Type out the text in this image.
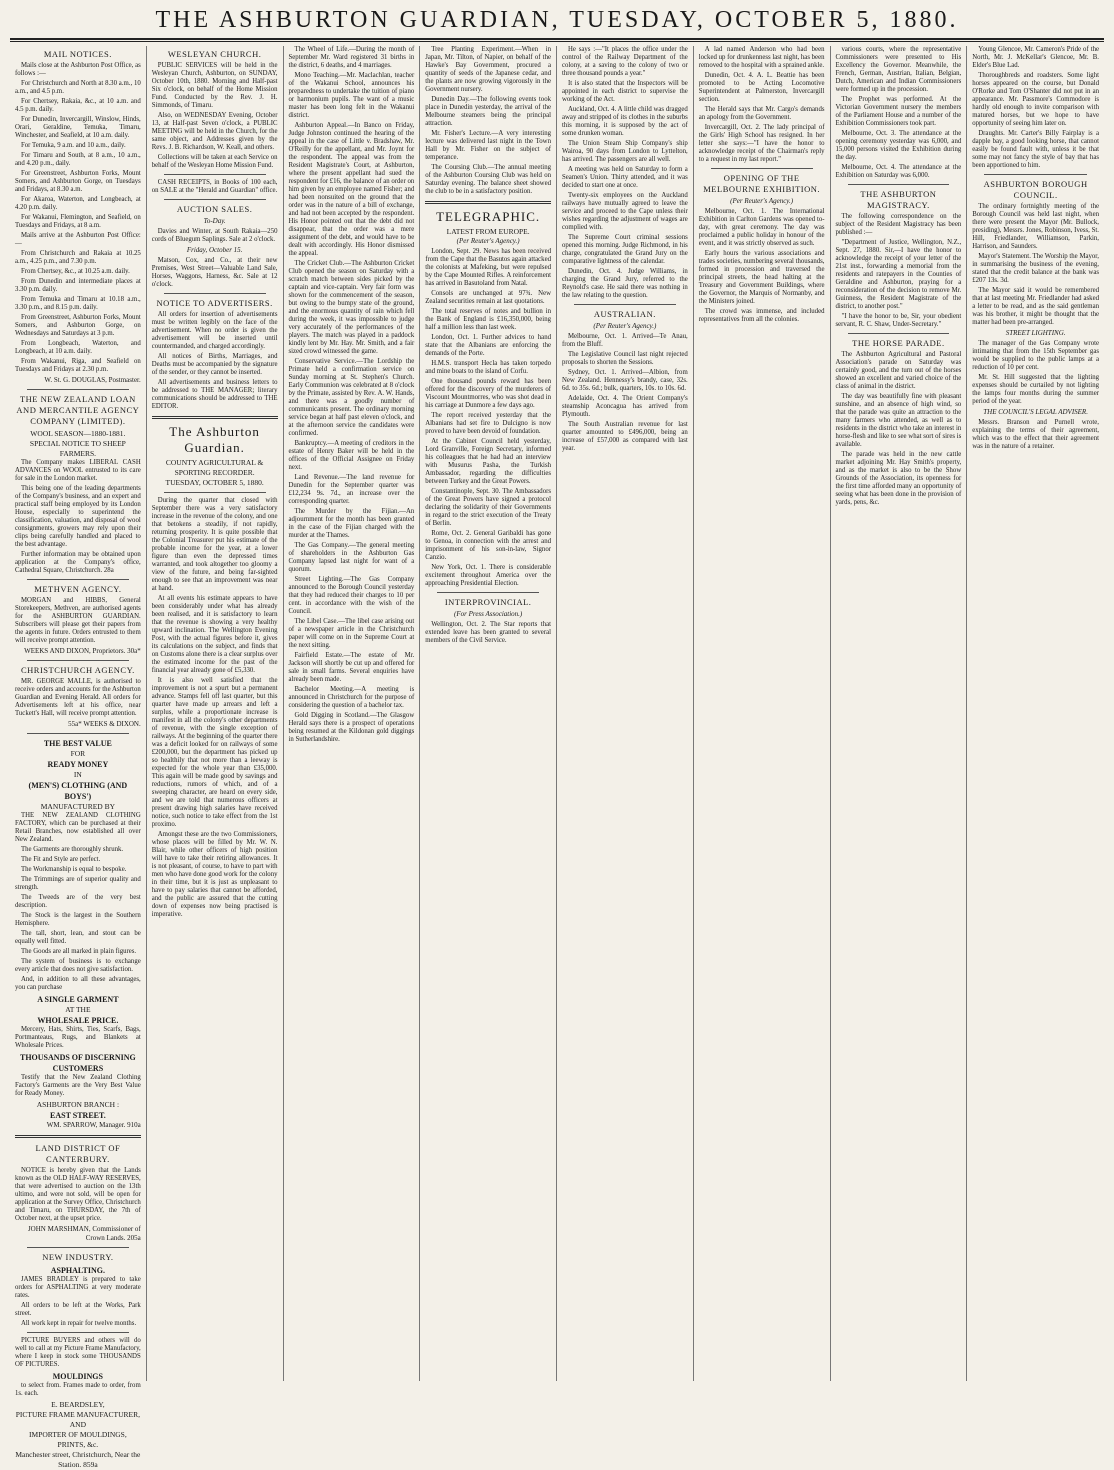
THE ASHBURTON GUARDIAN, TUESDAY, OCTOBER 5, 1880.
MAIL NOTICES.

Mails close at the Ashburton Post Office, as follows :—

For Christchurch and North at 8.30 a.m., 10 a.m., and 4.5 p.m.

For Chertsey, Rakaia, &c., at 10 a.m. and 4.5 p.m. daily.

For Dunedin, Invercargill, Winslow, Hinds, Orari, Geraldine, Temuka, Timaru, Winchester, and Seafield, at 10 a.m. daily.

For Temuka, 9 a.m. and 10 a.m., daily.

For Timaru and South, at 8 a.m., 10 a.m., and 4.20 p.m., daily.

For Greenstreet, Ashburton Forks, Mount Somers, and Ashburton Gorge, on Tuesdays and Fridays, at 8.30 a.m.

For Akaroa, Waterton, and Longbeach, at 4.20 p.m. daily.

For Wakanui, Flemington, and Seafield, on Tuesdays and Fridays, at 8 a.m.

Mails arrive at the Ashburton Post Office:—

From Christchurch and Rakaia at 10.25 a.m., 4.25 p.m., and 7.30 p.m.

From Chertsey, &c., at 10.25 a.m. daily.

From Dunedin and intermediate places at 3.30 p.m. daily.

From Temuka and Timaru at 10.18 a.m., 3.30 p.m., and 8.15 p.m. daily.

From Greenstreet, Ashburton Forks, Mount Somers, and Ashburton Gorge, on Wednesdays and Saturdays at 3 p.m.

From Longbeach, Waterton, and Longbeach, at 10 a.m. daily.

From Wakanui, Riga, and Seafield on Tuesdays and Fridays at 2.30 p.m.

W. St. G. DOUGLAS, Postmaster.
THE NEW ZEALAND LOAN AND MERCANTILE AGENCY COMPANY (LIMITED).
WOOL SEASON—1880-1881.
SPECIAL NOTICE TO SHEEP FARMERS.

The Company makes LIBERAL CASH ADVANCES on WOOL entrusted to its care for sale in the London market.

This being one of the leading departments of the Company's business, and an expert and practical staff being employed by its London House, especially to superintend the classification, valuation, and disposal of wool consignments, growers may rely upon their clips being carefully handled and placed to the best advantage.

Further information may be obtained upon application at the Company's office, Cathedral Square, Christchurch. 28a

METHVEN AGENCY.

MORGAN and HIBBS, General Storekeepers, Methven, are authorised agents for the ASHBURTON GUARDIAN. Subscribers will please get their papers from the agents in future. Orders entrusted to them will receive prompt attention.

WEEKS AND DIXON, Proprietors. 30a*
CHRISTCHURCH AGENCY.

MR. GEORGE MALLE, is authorised to receive orders and accounts for the Ashburton Guardian and Evening Herald. All orders for Advertisements left at his office, near Tuckett's Hall, will receive prompt attention.

55a* WEEKS & DIXON.
THE BEST VALUE
FOR
READY MONEY
IN
(MEN'S) CLOTHING (AND BOYS')
MANUFACTURED BY

THE NEW ZEALAND CLOTHING FACTORY, which can be purchased at their Retail Branches, now established all over New Zealand.

The Garments are thoroughly shrunk.

The Fit and Style are perfect.

The Workmanship is equal to bespoke.

The Trimmings are of superior quality and strength.

The Tweeds are of the very best description.

The Stock is the largest in the Southern Hemisphere.

The tall, short, lean, and stout can be equally well fitted.

The Goods are all marked in plain figures.

The system of business is to exchange every article that does not give satisfaction.

And, in addition to all these advantages, you can purchase

A SINGLE GARMENT
AT THE
WHOLESALE PRICE.

Mercery, Hats, Shirts, Ties, Scarfs, Bags, Portmanteaus, Rugs, and Blankets at Wholesale Prices.

THOUSANDS OF DISCERNING CUSTOMERS

Testify that the New Zealand Clothing Factory's Garments are the Very Best Value for Ready Money.

ASHBURTON BRANCH :
EAST STREET.
WM. SPARROW, Manager. 910a
LAND DISTRICT OF CANTERBURY.

NOTICE is hereby given that the Lands known as the OLD HALF-WAY RESERVES, that were advertised to auction on the 13th ultimo, and were not sold, will be open for application at the Survey Office, Christchurch and Timaru, on THURSDAY, the 7th of October next, at the upset price.

JOHN MARSHMAN, Commissioner of Crown Lands. 205a
NEW INDUSTRY.
ASPHALTING.

JAMES BRADLEY is prepared to take orders for ASPHALTING at very moderate rates.

All orders to be left at the Works, Park street.

All work kept in repair for twelve months.

PICTURE BUYERS and others will do well to call at my Picture Frame Manufactory, where I keep in stock some THOUSANDS OF PICTURES.

MOULDINGS

to select from. Frames made to order, from 1s. each.

E. BEARDSLEY,
PICTURE FRAME MANUFACTURER, AND
IMPORTER OF MOULDINGS, PRINTS, &c.
Manchester street, Christchurch, Near the Station. 859a
WESLEYAN CHURCH.

PUBLIC SERVICES will be held in the Wesleyan Church, Ashburton, on SUNDAY, October 10th, 1880. Morning and Half-past Six o'clock, on behalf of the Home Mission Fund. Conducted by the Rev. J. H. Simmonds, of Timaru.

Also, on WEDNESDAY Evening, October 13, at Half-past Seven o'clock, a PUBLIC MEETING will be held in the Church, for the same object, and Addresses given by the Revs. J. B. Richardson, W. Keall, and others.

Collections will be taken at each Service on behalf of the Wesleyan Home Mission Fund.

CASH RECEIPTS, in Books of 100 each, on SALE at the "Herald and Guardian" office.

AUCTION SALES.
To-Day.

Davies and Winter, at South Rakaia—250 cords of Bluegum Saplings. Sale at 2 o'clock.

Friday, October 15.

Matson, Cox, and Co., at their new Premises, West Street—Valuable Land Sale, Horses, Waggons, Harness, &c. Sale at 12 o'clock.

NOTICE TO ADVERTISERS.

All orders for insertion of advertisements must be written legibly on the face of the advertisement. When no order is given the advertisement will be inserted until countermanded, and charged accordingly.

All notices of Births, Marriages, and Deaths must be accompanied by the signature of the sender, or they cannot be inserted.

All advertisements and business letters to be addressed to THE MANAGER; literary communications should be addressed to THE EDITOR.

The Ashburton Guardian.
COUNTY AGRICULTURAL & SPORTING RECORDER.
TUESDAY, OCTOBER 5, 1880.

During the quarter that closed with September there was a very satisfactory increase in the revenue of the colony, and one that betokens a steadily, if not rapidly, returning prosperity. It is quite possible that the Colonial Treasurer put his estimate of the probable income for the year, at a lower figure than even the depressed times warranted, and took altogether too gloomy a view of the future, and being far-sighted enough to see that an improvement was near at hand.

At all events his estimate appears to have been considerably under what has already been realised, and it is satisfactory to learn that the revenue is showing a very healthy upward inclination. The Wellington Evening Post, with the actual figures before it, gives its calculations on the subject, and finds that on Customs alone there is a clear surplus over the estimated income for the past of the financial year already gone of £5,330.

It is also well satisfied that the improvement is not a spurt but a permanent advance. Stamps fell off last quarter, but this quarter have made up arrears and left a surplus, while a proportionate increase is manifest in all the colony's other departments of revenue, with the single exception of railways. At the beginning of the quarter there was a deficit looked for on railways of some £200,000, but the department has picked up so healthily that not more than a leeway is expected for the whole year than £35,000. This again will be made good by savings and reductions, rumors of which, and of a sweeping character, are heard on every side, and we are told that numerous officers at present drawing high salaries have received notice, such notice to take effect from the 1st proximo.

Amongst these are the two Commissioners, whose places will be filled by Mr. W. N. Blair, while other officers of high position will have to take their retiring allowances. It is not pleasant, of course, to have to part with men who have done good work for the colony in their time, but it is just as unpleasant to have to pay salaries that cannot be afforded, and the public are assured that the cutting down of expenses now being practised is imperative.

The Wheel of Life.—During the month of September Mr. Ward registered 31 births in the district, 6 deaths, and 4 marriages.

Mono Teaching.—Mr. Maclachlan, teacher of the Wakanui School, announces his preparedness to undertake the tuition of piano or harmonium pupils. The want of a music master has been long felt in the Wakanui district.

Ashburton Appeal.—In Banco on Friday, Judge Johnston continued the hearing of the appeal in the case of Little v. Bradshaw, Mr. O'Reilly for the appellant, and Mr. Joynt for the respondent. The appeal was from the Resident Magistrate's Court, at Ashburton, where the present appellant had sued the respondent for £16, the balance of an order on him given by an employee named Fisher; and had been nonsuited on the ground that the order was in the nature of a bill of exchange, and had not been accepted by the respondent. His Honor pointed out that the debt did not disappear, that the order was a mere assignment of the debt, and would have to be dealt with accordingly. His Honor dismissed the appeal.

The Cricket Club.—The Ashburton Cricket Club opened the season on Saturday with a scratch match between sides picked by the captain and vice-captain. Very fair form was shown for the commencement of the season, but owing to the bumpy state of the ground, and the enormous quantity of rain which fell during the week, it was impossible to judge very accurately of the performances of the players. The match was played in a paddock kindly lent by Mr. Hay. Mr. Smith, and a fair sized crowd witnessed the game.

Conservative Service.—The Lordship the Primate held a confirmation service on Sunday morning at St. Stephen's Church. Early Communion was celebrated at 8 o'clock by the Primate, assisted by Rev. A. W. Hands, and there was a goodly number of communicants present. The ordinary morning service began at half past eleven o'clock, and at the afternoon service the candidates were confirmed.

Bankruptcy.—A meeting of creditors in the estate of Henry Baker will be held in the offices of the Official Assignee on Friday next.

Land Revenue.—The land revenue for Dunedin for the September quarter was £12,234 9s. 7d., an increase over the corresponding quarter.

The Murder by the Fijian.—An adjournment for the month has been granted in the case of the Fijian charged with the murder at the Thames.

The Gas Company.—The general meeting of shareholders in the Ashburton Gas Company lapsed last night for want of a quorum.

Street Lighting.—The Gas Company announced to the Borough Council yesterday that they had reduced their charges to 10 per cent. in accordance with the wish of the Council.

The Libel Case.—The libel case arising out of a newspaper article in the Christchurch paper will come on in the Supreme Court at the next sitting.

Fairfield Estate.—The estate of Mr. Jackson will shortly be cut up and offered for sale in small farms. Several enquiries have already been made.

Bachelor Meeting.—A meeting is announced in Christchurch for the purpose of considering the question of a bachelor tax.

Gold Digging in Scotland.—The Glasgow Herald says there is a prospect of operations being resumed at the Kildonan gold diggings in Sutherlandshire.

Tree Planting Experiment.—When in Japan, Mr. Tilton, of Napier, on behalf of the Hawke's Bay Government, procured a quantity of seeds of the Japanese cedar, and the plants are now growing vigorously in the Government nursery.

Dunedin Day.—The following events took place in Dunedin yesterday, the arrival of the Melbourne steamers being the principal attraction.

Mr. Fisher's Lecture.—A very interesting lecture was delivered last night in the Town Hall by Mr. Fisher on the subject of temperance.

The Coursing Club.—The annual meeting of the Ashburton Coursing Club was held on Saturday evening. The balance sheet showed the club to be in a satisfactory position.

TELEGRAPHIC.
LATEST FROM EUROPE.
(Per Reuter's Agency.)

London, Sept. 29. News has been received from the Cape that the Basutos again attacked the colonists at Mafeking, but were repulsed by the Cape Mounted Rifles. A reinforcement has arrived in Basutoland from Natal.

Consols are unchanged at 97¾. New Zealand securities remain at last quotations.

The total reserves of notes and bullion in the Bank of England is £16,350,000, being half a million less than last week.

London, Oct. 1. Further advices to hand state that the Albanians are enforcing the demands of the Porte.

H.M.S. transport Hecla has taken torpedo and mine boats to the island of Corfu.

One thousand pounds reward has been offered for the discovery of the murderers of Viscount Mountmorres, who was shot dead in his carriage at Dunmore a few days ago.

The report received yesterday that the Albanians had set fire to Dulcigno is now proved to have been devoid of foundation.

At the Cabinet Council held yesterday, Lord Granville, Foreign Secretary, informed his colleagues that he had had an interview with Musurus Pasha, the Turkish Ambassador, regarding the difficulties between Turkey and the Great Powers.

Constantinople, Sept. 30. The Ambassadors of the Great Powers have signed a protocol declaring the solidarity of their Governments in regard to the strict execution of the Treaty of Berlin.

Rome, Oct. 2. General Garibaldi has gone to Genoa, in connection with the arrest and imprisonment of his son-in-law, Signor Canzio.

New York, Oct. 1. There is considerable excitement throughout America over the approaching Presidential Election.

INTERPROVINCIAL.
(For Press Association.)

Wellington, Oct. 2. The Star reports that extended leave has been granted to several members of the Civil Service.

He says :—"It places the office under the control of the Railway Department of the colony, at a saving to the colony of two or three thousand pounds a year."

It is also stated that the Inspectors will be appointed in each district to supervise the working of the Act.

Auckland, Oct. 4. A little child was dragged away and stripped of its clothes in the suburbs this morning, it is supposed by the act of some drunken woman.

The Union Steam Ship Company's ship Wairoa, 90 days from London to Lyttelton, has arrived. The passengers are all well.

A meeting was held on Saturday to form a Seamen's Union. Thirty attended, and it was decided to start one at once.

Twenty-six employees on the Auckland railways have mutually agreed to leave the service and proceed to the Cape unless their wishes regarding the adjustment of wages are complied with.

The Supreme Court criminal sessions opened this morning. Judge Richmond, in his charge, congratulated the Grand Jury on the comparative lightness of the calendar.

Dunedin, Oct. 4. Judge Williams, in charging the Grand Jury, referred to the Reynold's case. He said there was nothing in the law relating to the question.

AUSTRALIAN.
(Per Reuter's Agency.)

Melbourne, Oct. 1. Arrived—Te Anau, from the Bluff.

The Legislative Council last night rejected proposals to shorten the Sessions.

Sydney, Oct. 1. Arrived—Albion, from New Zealand. Hennessy's brandy, case, 32s. 6d. to 35s. 6d.; bulk, quarters, 10s. to 10s. 6d.

Adelaide, Oct. 4. The Orient Company's steamship Aconcagua has arrived from Plymouth.

The South Australian revenue for last quarter amounted to £496,000, being an increase of £57,000 as compared with last year.

A lad named Anderson who had been locked up for drunkenness last night, has been removed to the hospital with a sprained ankle.

Dunedin, Oct. 4. A. L. Beattie has been promoted to be Acting Locomotive Superintendent at Palmerston, Invercargill section.

The Herald says that Mr. Cargo's demands an apology from the Government.

Invercargill, Oct. 2. The lady principal of the Girls' High School has resigned. In her letter she says:—"I have the honor to acknowledge receipt of the Chairman's reply to a request in my last report."

OPENING OF THE MELBOURNE EXHIBITION.
(Per Reuter's Agency.)

Melbourne, Oct. 1. The International Exhibition in Carlton Gardens was opened to-day, with great ceremony. The day was proclaimed a public holiday in honour of the event, and it was strictly observed as such.

Early hours the various associations and trades societies, numbering several thousands, formed in procession and traversed the principal streets, the head halting at the Treasury and Government Buildings, where the Governor, the Marquis of Normanby, and the Ministers joined.

The crowd was immense, and included representatives from all the colonies.

various courts, where the representative Commissioners were presented to His Excellency the Governor. Meanwhile, the French, German, Austrian, Italian, Belgian, Dutch, American and Indian Commissioners were formed up in the procession.

The Prophet was performed. At the Victorian Government nursery the members of the Parliament House and a number of the Exhibition Commissioners took part.

Melbourne, Oct. 3. The attendance at the opening ceremony yesterday was 6,000, and 15,000 persons visited the Exhibition during the day.

Melbourne, Oct. 4. The attendance at the Exhibition on Saturday was 6,000.

THE ASHBURTON MAGISTRACY.

The following correspondence on the subject of the Resident Magistracy has been published :—

"Department of Justice, Wellington, N.Z., Sept. 27, 1880. Sir,—I have the honor to acknowledge the receipt of your letter of the 21st inst., forwarding a memorial from the residents and ratepayers in the Counties of Geraldine and Ashburton, praying for a reconsideration of the decision to remove Mr. Guinness, the Resident Magistrate of the district, to another post."

"I have the honor to be, Sir, your obedient servant, R. C. Shaw, Under-Secretary."

THE HORSE PARADE.

The Ashburton Agricultural and Pastoral Association's parade on Saturday was certainly good, and the turn out of the horses showed an excellent and varied choice of the class of animal in the district.

The day was beautifully fine with pleasant sunshine, and an absence of high wind, so that the parade was quite an attraction to the many farmers who attended, as well as to residents in the district who take an interest in horse-flesh and like to see what sort of sires is available.

The parade was held in the new cattle market adjoining Mr. Hay Smith's property, and as the market is also to be the Show Grounds of the Association, its openness for the first time afforded many an opportunity of seeing what has been done in the provision of yards, pens, &c.

Young Glencoe, Mr. Cameron's Pride of the North, Mr. J. McKellar's Glencoe, Mr. B. Elder's Blue Lad.

Thoroughbreds and roadsters. Some light horses appeared on the course, but Donald O'Rorke and Tom O'Shanter did not put in an appearance. Mr. Passmore's Commodore is hardly old enough to invite comparison with matured horses, but we hope to have opportunity of seeing him later on.

Draughts. Mr. Carter's Billy Fairplay is a dapple bay, a good looking horse, that cannot easily be found fault with, unless it be that some may not fancy the style of bay that has been apportioned to him.

ASHBURTON BOROUGH COUNCIL.

The ordinary fortnightly meeting of the Borough Council was held last night, when there were present the Mayor (Mr. Bullock, presiding), Messrs. Jones, Robinson, Ivess, St. Hill, Friedlander, Williamson, Parkin, Harrison, and Saunders.

Mayor's Statement. The Worship the Mayor, in summarising the business of the evening, stated that the credit balance at the bank was £207 13s. 3d.

The Mayor said it would be remembered that at last meeting Mr. Friedlander had asked a letter to be read, and as the said gentleman was his brother, it might be thought that the matter had been pre-arranged.

STREET LIGHTING.

The manager of the Gas Company wrote intimating that from the 15th September gas would be supplied to the public lamps at a reduction of 10 per cent.

Mr. St. Hill suggested that the lighting expenses should be curtailed by not lighting the lamps four months during the summer period of the year.

THE COUNCIL'S LEGAL ADVISER.

Messrs. Branson and Purnell wrote, explaining the terms of their agreement, which was to the effect that their agreement was in the nature of a retainer.
